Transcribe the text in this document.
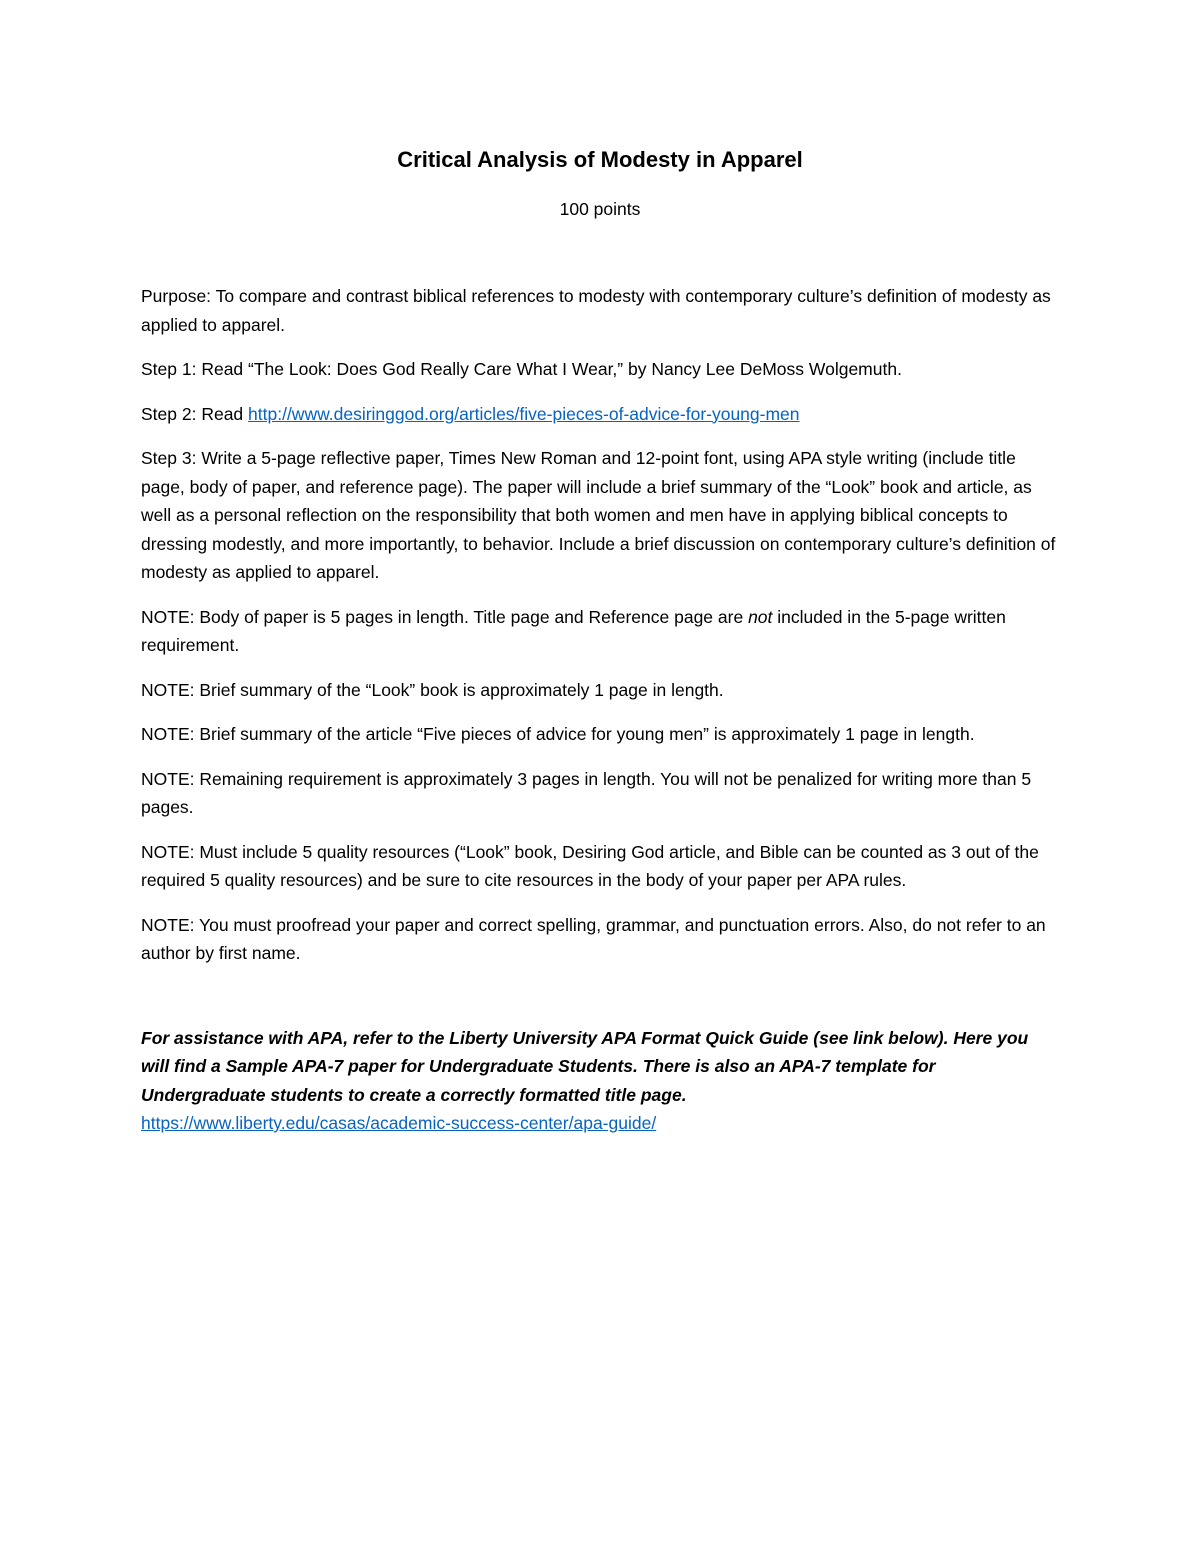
Critical Analysis of Modesty in Apparel
100 points

Purpose: To compare and contrast biblical references to modesty with contemporary culture’s definition of modesty as applied to apparel.

Step 1: Read “The Look: Does God Really Care What I Wear,” by Nancy Lee DeMoss Wolgemuth.

Step 2: Read http://www.desiringgod.org/articles/five-pieces-of-advice-for-young-men

Step 3: Write a 5-page reflective paper, Times New Roman and 12-point font, using APA style writing (include title page, body of paper, and reference page). The paper will include a brief summary of the “Look” book and article, as well as a personal reflection on the responsibility that both women and men have in applying biblical concepts to dressing modestly, and more importantly, to behavior. Include a brief discussion on contemporary culture’s definition of modesty as applied to apparel.

NOTE: Body of paper is 5 pages in length. Title page and Reference page are not included in the 5-page written requirement.

NOTE: Brief summary of the “Look” book is approximately 1 page in length.

NOTE: Brief summary of the article “Five pieces of advice for young men” is approximately 1 page in length.

NOTE: Remaining requirement is approximately 3 pages in length. You will not be penalized for writing more than 5 pages.

NOTE: Must include 5 quality resources (“Look” book, Desiring God article, and Bible can be counted as 3 out of the required 5 quality resources) and be sure to cite resources in the body of your paper per APA rules.

NOTE: You must proofread your paper and correct spelling, grammar, and punctuation errors. Also, do not refer to an author by first name.

For assistance with APA, refer to the Liberty University APA Format Quick Guide (see link below). Here you will find a Sample APA-7 paper for Undergraduate Students. There is also an APA-7 template for Undergraduate students to create a correctly formatted title page.
https://www.liberty.edu/casas/academic-success-center/apa-guide/
